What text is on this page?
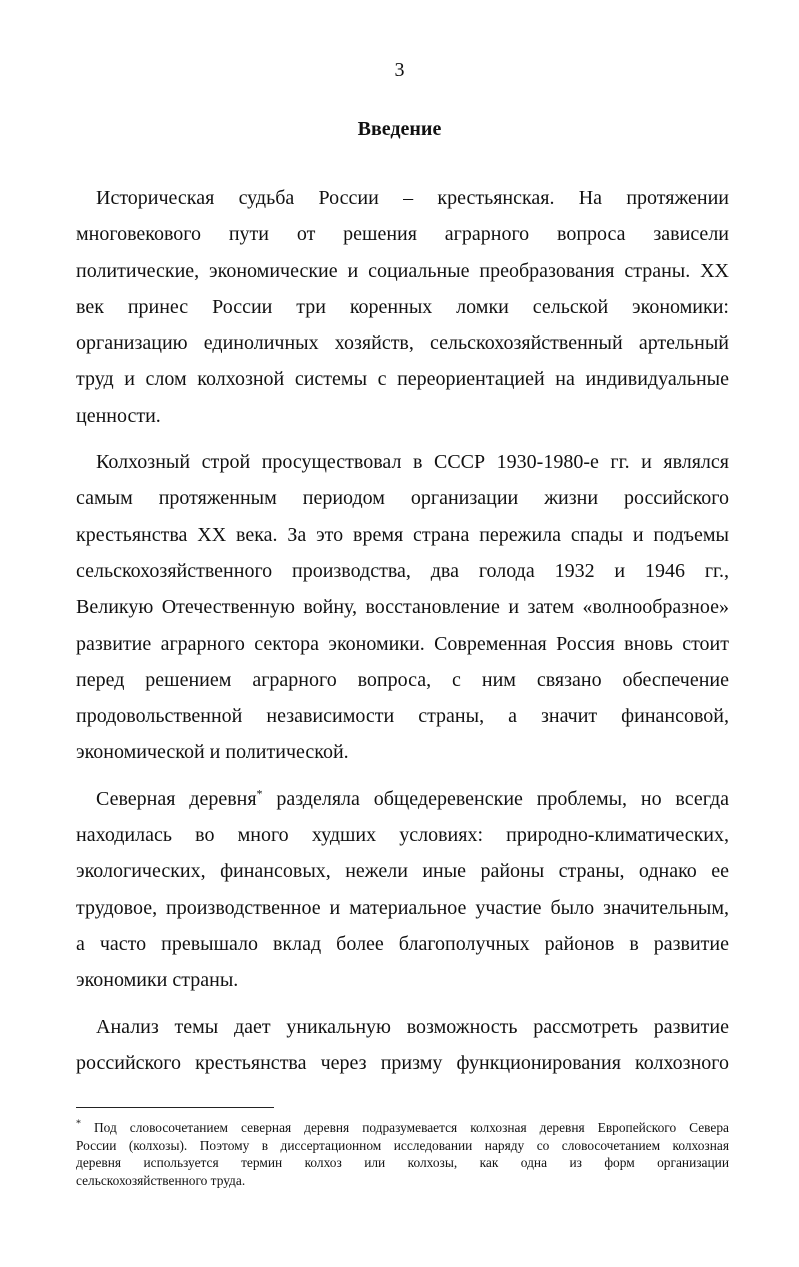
3
Введение
Историческая судьба России – крестьянская. На протяжении
многовекового пути от решения аграрного вопроса зависели
политические, экономические и социальные преобразования страны. ХХ
век принес России три коренных ломки сельской экономики:
организацию единоличных хозяйств, сельскохозяйственный артельный
труд и слом колхозной системы с переориентацией на индивидуальные
ценности.
Колхозный строй просуществовал в СССР 1930-1980-е гг. и являлся
самым протяженным периодом организации жизни российского
крестьянства ХХ века. За это время страна пережила спады и подъемы
сельскохозяйственного производства, два голода 1932 и 1946 гг.,
Великую Отечественную войну, восстановление и затем «волнообразное»
развитие аграрного сектора экономики. Современная Россия вновь стоит
перед решением аграрного вопроса, с ним связано обеспечение
продовольственной независимости страны, а значит финансовой,
экономической и политической.
Северная деревня* разделяла общедеревенские проблемы, но всегда
находилась во много худших условиях: природно-климатических,
экологических, финансовых, нежели иные районы страны, однако ее
трудовое, производственное и материальное участие было значительным,
а часто превышало вклад более благополучных районов в развитие
экономики страны.
Анализ темы дает уникальную возможность рассмотреть развитие
российского крестьянства через призму функционирования колхозного
* Под словосочетанием северная деревня подразумевается колхозная деревня Европейского Севера
России (колхозы). Поэтому в диссертационном исследовании наряду со словосочетанием колхозная
деревня используется термин колхоз или колхозы, как одна из форм организации
сельскохозяйственного труда.
